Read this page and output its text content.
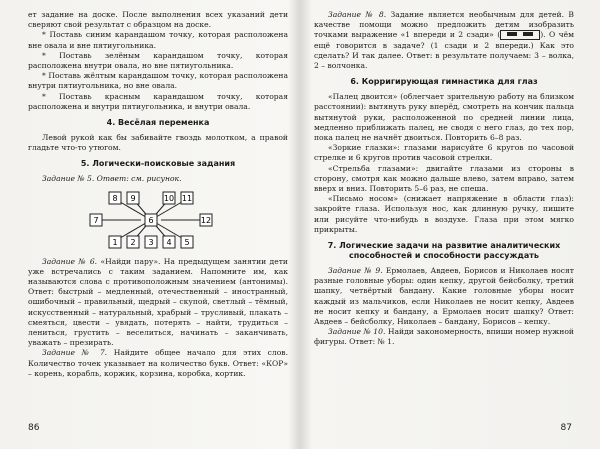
ет задание на доске. После выполнения всех указаний дети сверяют свой результат с образцом на доске.

* Поставь синим карандашом точку, которая расположена вне овала и вне пятиугольника.

* Поставь зелёным карандашом точку, которая расположена внутри овала, но вне пятиугольника.

* Поставь жёлтым карандашом точку, которая расположена внутри пятиугольника, но вне овала.

* Поставь красным карандашом точку, которая расположена и внутри пятиугольника, и внутри овала.

4. Весёлая переменка

Левой рукой как бы забивайте гвоздь молотком, а правой гладьте что-то утюгом.

5. Логически-поисковые задания

Задание № 5. Ответ: см. рисунок.

8 9	10 11
7	6	12
1 2 3 4 5

Задание № 6. «Найди пару». На предыдущем занятии дети уже встречались с таким заданием. Напомните им, как называются слова с противоположным значением (антонимы). Ответ: быстрый – медленный, отечественный – иностранный, ошибочный – правильный, щедрый – скупой, светлый – тёмный, искусственный – натуральный, храбрый – трусливый, плакать – смеяться, цвести – увядать, потерять – найти, трудиться – лениться, грустить – веселиться, начинать – заканчивать, уважать – презирать.

Задание № 7. Найдите общее начало для этих слов. Количество точек указывает на количество букв. Ответ: «КОР» – корень, корабль, коржик, корзина, коробка, кортик.

86

Задание № 8. Задание является необычным для детей. В качестве помощи можно предложить детям изобразить точками выражение «1 впереди и 2 сзади» (	). О чём ещё говорится в задаче? (1 сзади и 2 впереди.) Как это сделать? И так далее. Ответ: в результате получаем: 3 – волка, 2 – волчонка.

6. Корригирующая гимнастика для глаз

«Палец двоится» (облегчает зрительную работу на близком расстоянии): вытянуть руку вперёд, смотреть на кончик пальца вытянутой руки, расположенной по средней линии лица, медленно приближать палец, не сводя с него глаз, до тех пор, пока палец не начнёт двоиться. Повторить 6–8 раз.

«Зоркие глазки»: глазами нарисуйте 6 кругов по часовой стрелке и 6 кругов против часовой стрелки.

«Стрельба глазами»: двигайте глазами из стороны в сторону, смотря как можно дальше влево, затем вправо, затем вверх и вниз. Повторить 5–6 раз, не спеша.

«Письмо носом» (снижает напряжение в области глаз): закройте глаза. Используя нос, как длинную ручку, пишите или рисуйте что-нибудь в воздухе. Глаза при этом мягко прикрыты.

7. Логические задачи на развитие аналитических способностей и способности рассуждать

Задание № 9. Ермолаев, Авдеев, Борисов и Николаев носят разные головные уборы: один кепку, другой бейсболку, третий шапку, четвёртый бандану. Какие головные уборы носит каждый из мальчиков, если Николаев не носит кепку, Авдеев не носит кепку и бандану, а Ермолаев носит шапку? Ответ: Авдеев – бейсболку, Николаев – бандану, Борисов – кепку.

Задание № 10. Найди закономерность, впиши номер нужной фигуры. Ответ: № 1.

87
